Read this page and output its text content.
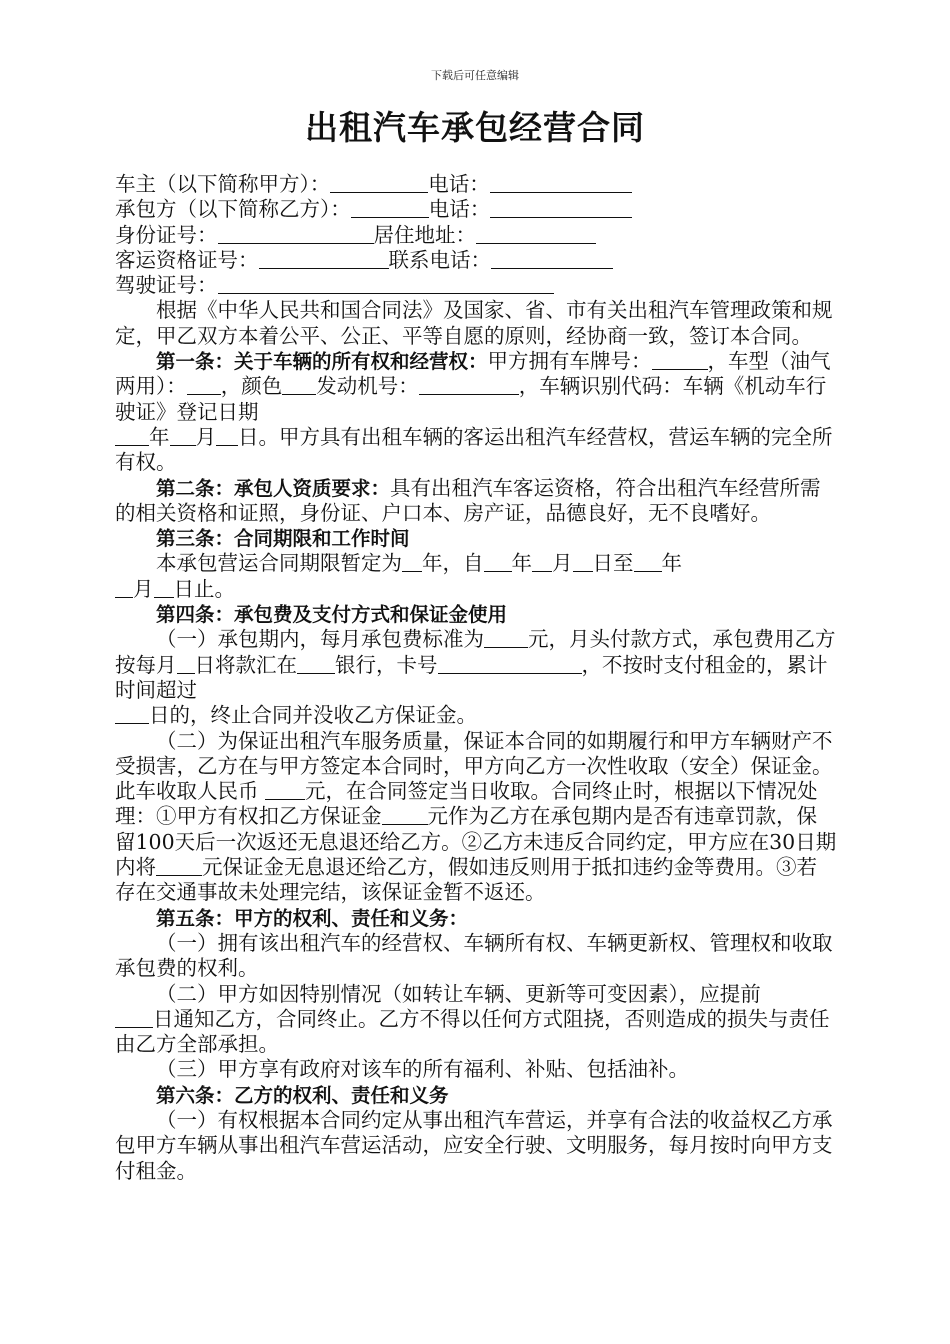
下载后可任意编辑
出租汽车承包经营合同

车主（以下简称甲方）：	电话：

承包方（以下简称乙方）：	电话：

身份证号：	居住地址：

客运资格证号：	联系电话：

驾驶证号：

根据《中华人民共和国合同法》及国家、省、市有关出租汽车管理政策和规定，甲乙双方本着公平、公正、平等自愿的原则，经协商一致，签订本合同。

第一条：关于车辆的所有权和经营权：甲方拥有车牌号：	，车型（油气两用）： ，颜色 发动机号：	，车辆识别代码：车辆《机动车行驶证》登记日期
年 月 日。甲方具有出租车辆的客运出租汽车经营权，营运车辆的完全所有权。

第二条：承包人资质要求：具有出租汽车客运资格，符合出租汽车经营所需的相关资格和证照，身份证、户口本、房产证，品德良好，无不良嗜好。

第三条：合同期限和工作时间

本承包营运合同期限暂定为 年，自 年 月 日至 年
月 日止。

第四条：承包费及支付方式和保证金使用

（一）承包期内，每月承包费标准为 元，月头付款方式，承包费用乙方按每月 日将款汇在 银行，卡号	，不按时支付租金的，累计时间超过
日的，终止合同并没收乙方保证金。

（二）为保证出租汽车服务质量，保证本合同的如期履行和甲方车辆财产不受损害，乙方在与甲方签定本合同时，甲方向乙方一次性收取（安全）保证金。此车收取人民币 元，在合同签定当日收取。合同终止时，根据以下情况处理：①甲方有权扣乙方保证金 元作为乙方在承包期内是否有违章罚款，保留100天后一次返还无息退还给乙方。②乙方未违反合同约定，甲方应在30日期内将 元保证金无息退还给乙方，假如违反则用于抵扣违约金等费用。③若存在交通事故未处理完结，该保证金暂不返还。

第五条：甲方的权利、责任和义务：

（一）拥有该出租汽车的经营权、车辆所有权、车辆更新权、管理权和收取承包费的权利。

（二）甲方如因特别情况（如转让车辆、更新等可变因素），应提前
日通知乙方，合同终止。乙方不得以任何方式阻挠，否则造成的损失与责任由乙方全部承担。

（三）甲方享有政府对该车的所有福利、补贴、包括油补。

第六条：乙方的权利、责任和义务

（一）有权根据本合同约定从事出租汽车营运，并享有合法的收益权乙方承包甲方车辆从事出租汽车营运活动，应安全行驶、文明服务，每月按时向甲方支付租金。
